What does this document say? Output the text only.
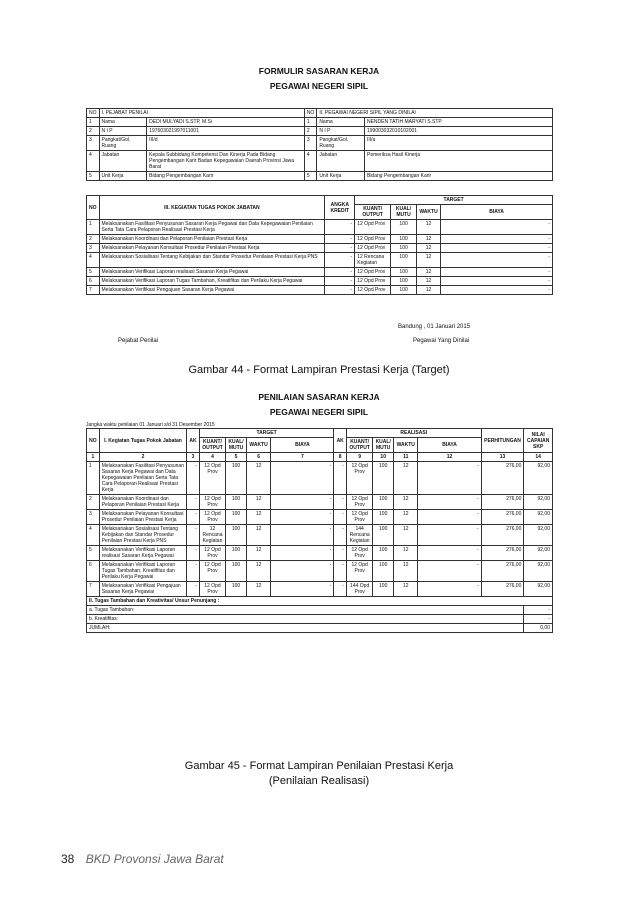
FORMULIR SASARAN KERJA
PEGAWAI NEGERI SIPIL
NO	I. PEJABAT PENILAI		NO	II. PEGAWAI NEGERI SIPIL YANG DINILAI	
1	Nama	DEDI MULYADI S.STP, M.Si	1	Nama	NENDEN TATIH MARYATI S.STP
2	N I P	197603021997011001	2	N I P	199003032010102001
3	Pangkat/Gol. Ruang	III/d	3	Pangkat/Gol. Ruang	III/a
4	Jabatan	Kepala Subbidang Kompetensi Dan Kinerja Pada Bidang Pengembangan Karir Badan Kepegawaian Daerah Provinsi Jawa Barat	4	Jabatan	Pemeriksa Hasil Kinerja
5	Unit Kerja	Bidang Pengembangan Karir	5	Unit Kerja	Bidang Pengembangan Karir
NO	III. KEGIATAN TUGAS POKOK JABATAN	ANGKA KREDIT	TARGET			
			KUANT/ OUTPUT	KUAL/ MUTU	WAKTU	BIAYA
1	Melaksanakan Fasilitasi Penyusunan Sasaran Kerja Pegawai dan Data Kepegawaian Penilaian Serta Tata Cara Pelaporan Realisasi Prestasi Kerja	-	12 Opd Prov	100	12	-
2	Melaksanakan Koordinasi dan Pelaporan Penilaian Prestasi Kerja	-	12 Opd Prov	100	12	-
3	Melaksanakan Pelayanan Konsultasi Prosedur Penilaian Prestasi Kerja	-	12 Opd Prov	100	12	-
4	Melaksanakan Sosialisasi Tentang Kebijakan dan Standar Prosedur Penilaian Prestasi Kerja PNS	-	12 Rencana Kegiatan	100	12	-
5	Melaksanakan Verifikasi Laporan realisasi Sasaran Kerja Pegawai	-	12 Opd Prov	100	12	-
6	Melaksanakan Verifikasi Laporan Tugas Tambahan, Kreatifitas dan Perilaku Kerja Pegawai	-	12 Opd Prov	100	12	-
7	Melaksanakan Verifikasi Pengajuan Sasaran Kerja Pegawai	-	12 Opd Prov	100	12	-
Bandung , 01 Januari 2015
Pejabat Penilai	Pegawai Yang Dinilai
Gambar 44 - Format Lampiran Prestasi Kerja (Target)
PENILAIAN SASARAN KERJA
PEGAWAI NEGERI SIPIL
Jangka waktu penilaian 01 Januari s/d 31 Desember 2015
NO	I. Kegiatan Tugas Pokok Jabatan	AK	TARGET				AK	REALISASI				PERHITUNGAN	NILAI CAPAIAN SKP
			KUANT/ OUTPUT	KUAL/ MUTU	WAKTU	BIAYA		KUANT/ OUTPUT	KUAL/ MUTU	WAKTU	BIAYA		
1	2	3	4	5	6	7	8	9	10	11	12	13	14
1	Melaksanakan Fasilitasi Penyusunan Sasaran Kerja Pegawai dan Data Kepegawaian Penilaian Serta Tata Cara Pelaporan Realisasi Prestasi Kerja	-	12 Opd Prov	100	12	-	-	12 Opd Prov	100	12	-	276,00	92,00
2	Melaksanakan Koordinasi dan Pelaporan Penilaian Prestasi Kerja	-	12 Opd Prov	100	12	-	-	12 Opd Prov	100	12	-	276,00	92,00
3	Melaksanakan Pelayanan Konsultasi Prosedur Penilaian Prestasi Kerja	-	12 Opd Prov	100	12	-	-	12 Opd Prov	100	12	-	276,00	92,00
4	Melaksanakan Sosialisasi Tentang Kebijakan dan Standar Prosedur Penilaian Prestasi Kerja PNS	-	12 Rencana Kegiatan	100	12	-	-	144 Rencana Kegiatan	100	12	-	276,00	92,00
5	Melaksanakan Verifikasi Laporan realisasi Sasaran Kerja Pegawai	-	12 Opd Prov	100	12	-	-	12 Opd Prov	100	12	-	276,00	92,00
6	Melaksanakan Verifikasi Laporan Tugas Tambahan, Kreatifitas dan Perilaku Kerja Pegawai	-	12 Opd Prov	100	12	-	-	12 Opd Prov	100	12	-	276,00	92,00
7	Melaksanakan Verifikasi Pengajuan Sasaran Kerja Pegawai	-	12 Opd Prov	100	12	-	-	144 Opd Prov	100	12	-	276,00	92,00
II. Tugas Tambahan dan Kreativitas/ Unsur Penunjang :													
a. Tugas Tambahan:													-
b. Kreatifitas:													-
JUMLAH:													0,00
Gambar 45 - Format Lampiran Penilaian Prestasi Kerja
(Penilaian Realisasi)
38 BKD Provonsi Jawa Barat
